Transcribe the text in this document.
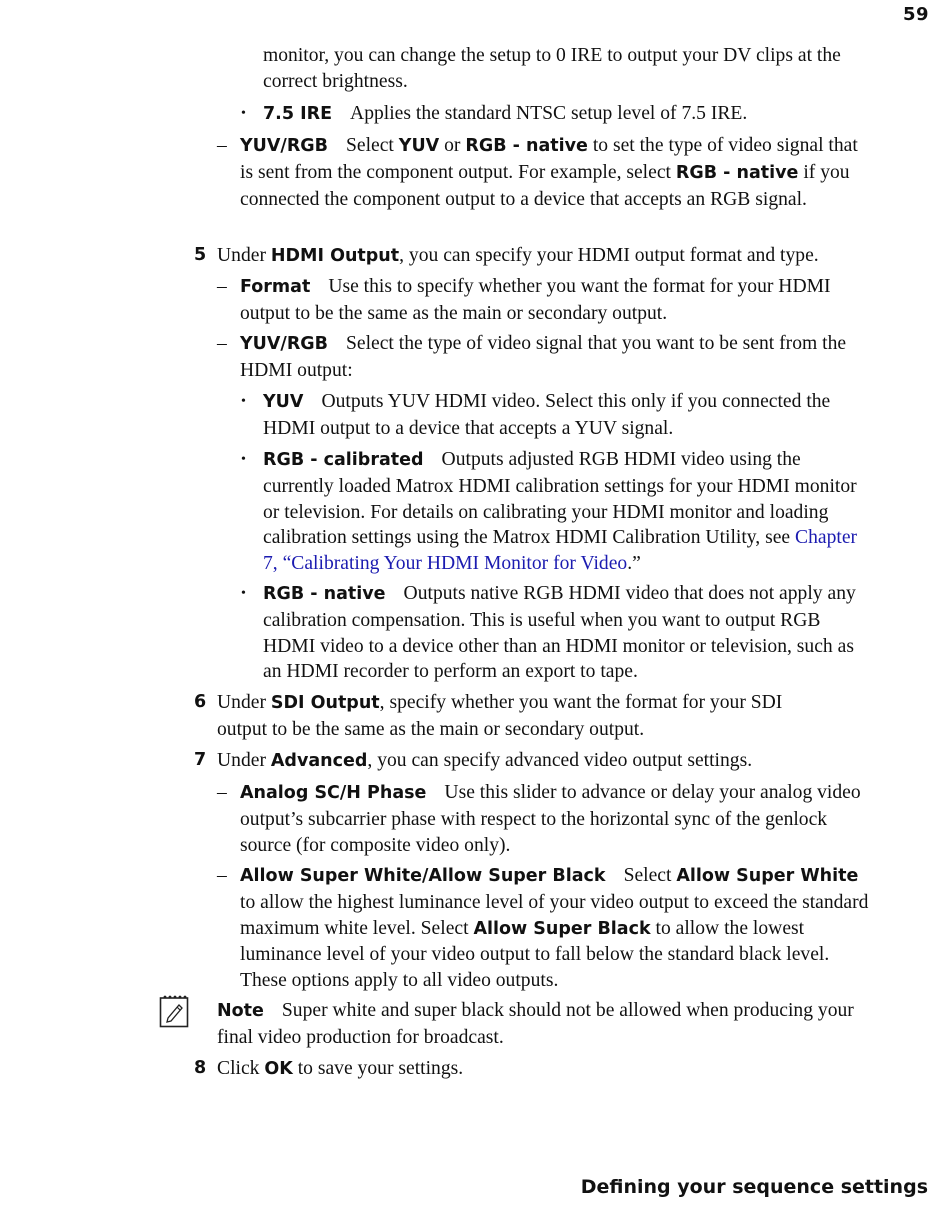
59

monitor, you can change the setup to 0 IRE to output your DV clips at the correct brightness.

• 7.5 IRE Applies the standard NTSC setup level of 7.5 IRE.

– YUV/RGB Select YUV or RGB - native to set the type of video signal that is sent from the component output. For example, select RGB - native if you connected the component output to a device that accepts an RGB signal.

5 Under HDMI Output, you can specify your HDMI output format and type.

– Format Use this to specify whether you want the format for your HDMI output to be the same as the main or secondary output.

– YUV/RGB Select the type of video signal that you want to be sent from the HDMI output:

• YUV Outputs YUV HDMI video. Select this only if you connected the HDMI output to a device that accepts a YUV signal.

• RGB - calibrated Outputs adjusted RGB HDMI video using the currently loaded Matrox HDMI calibration settings for your HDMI monitor or television. For details on calibrating your HDMI monitor and loading calibration settings using the Matrox HDMI Calibration Utility, see Chapter 7, “Calibrating Your HDMI Monitor for Video.”

• RGB - native Outputs native RGB HDMI video that does not apply any calibration compensation. This is useful when you want to output RGB HDMI video to a device other than an HDMI monitor or television, such as an HDMI recorder to perform an export to tape.

6 Under SDI Output, specify whether you want the format for your SDI output to be the same as the main or secondary output.

7 Under Advanced, you can specify advanced video output settings.

– Analog SC/H Phase Use this slider to advance or delay your analog video output’s subcarrier phase with respect to the horizontal sync of the genlock source (for composite video only).

– Allow Super White/Allow Super Black Select Allow Super White to allow the highest luminance level of your video output to exceed the standard maximum white level. Select Allow Super Black to allow the lowest luminance level of your video output to fall below the standard black level. These options apply to all video outputs.

Note Super white and super black should not be allowed when producing your final video production for broadcast.

8 Click OK to save your settings.

Defining your sequence settings
